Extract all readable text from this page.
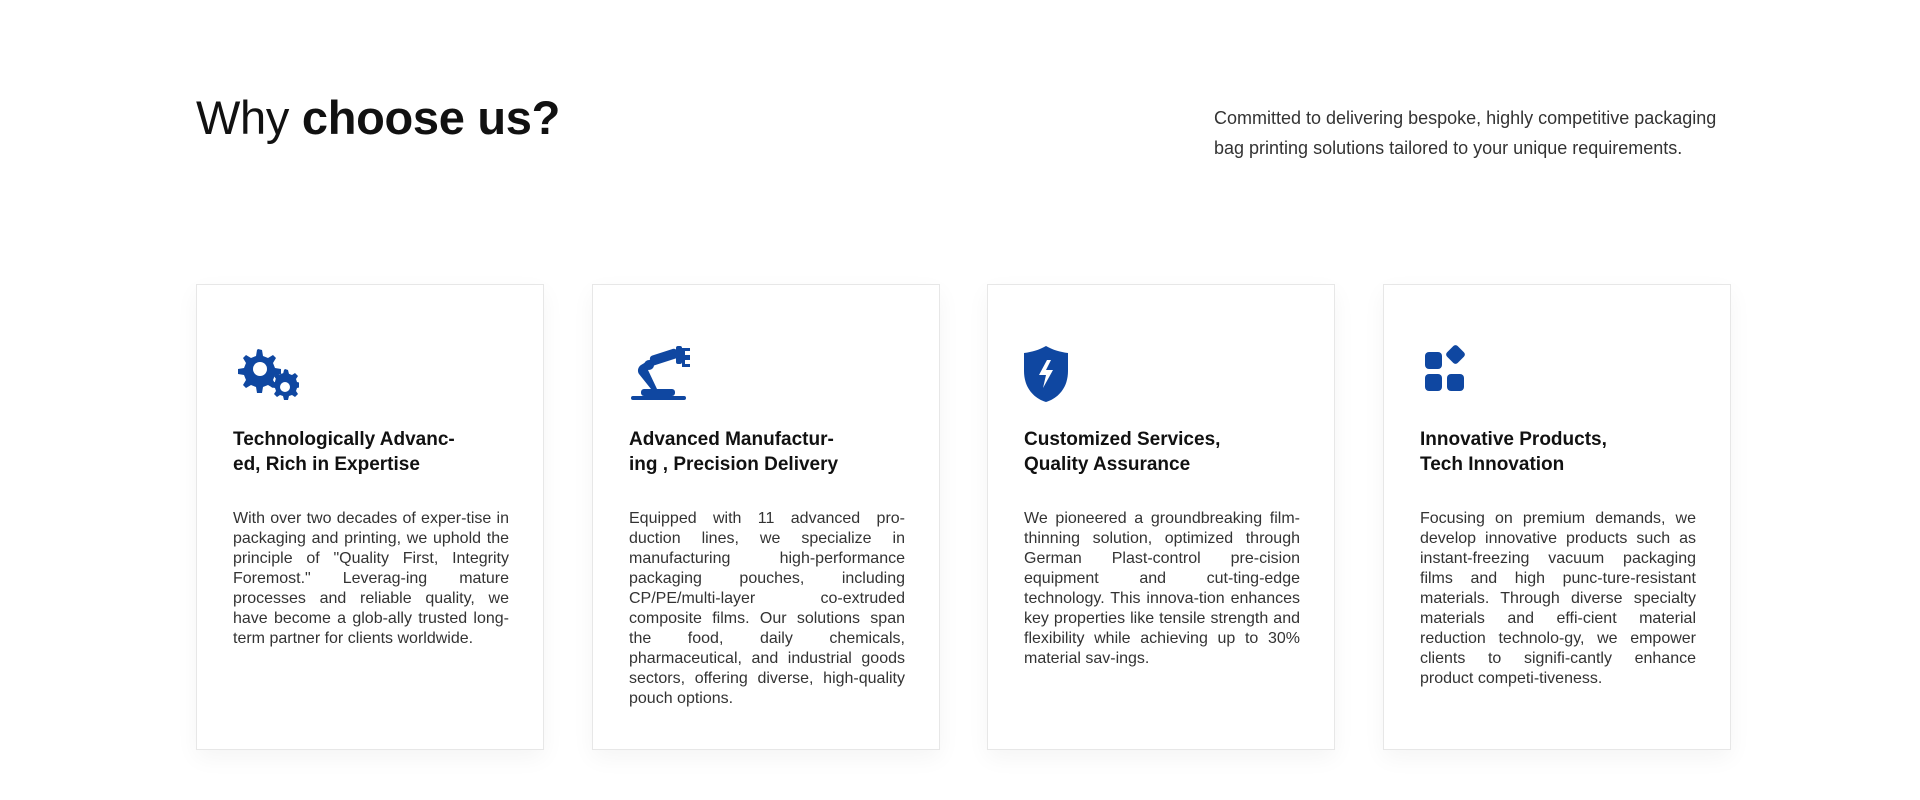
Why choose us?	Committed to delivering bespoke, highly competitive packaging bag printing solutions tailored to your unique requirements.

Technologically Advanc-
ed, Rich in Expertise

With over two decades of exper-tise in packaging and printing, we uphold the principle of "Quality First, Integrity Foremost." Leverag-ing mature processes and reliable quality, we have become a glob-ally trusted long-term partner for clients worldwide.

Advanced Manufactur-
ing , Precision Delivery

Equipped with 11 advanced pro-duction lines, we specialize in manufacturing high-performance packaging pouches, including CP/PE/multi-layer co-extruded composite films. Our solutions span the food, daily chemicals, pharmaceutical, and industrial goods sectors, offering diverse, high-quality pouch options.

Customized Services,
Quality Assurance

We pioneered a groundbreaking film-thinning solution, optimized through German Plast-control pre-cision equipment and cut-ting-edge technology. This innova-tion enhances key properties like tensile strength and flexibility while achieving up to 30% material sav-ings.

Innovative Products,
Tech Innovation

Focusing on premium demands, we develop innovative products such as instant-freezing vacuum packaging films and high punc-ture-resistant materials. Through diverse specialty materials and effi-cient material reduction technolo-gy, we empower clients to signifi-cantly enhance product competi-tiveness.
